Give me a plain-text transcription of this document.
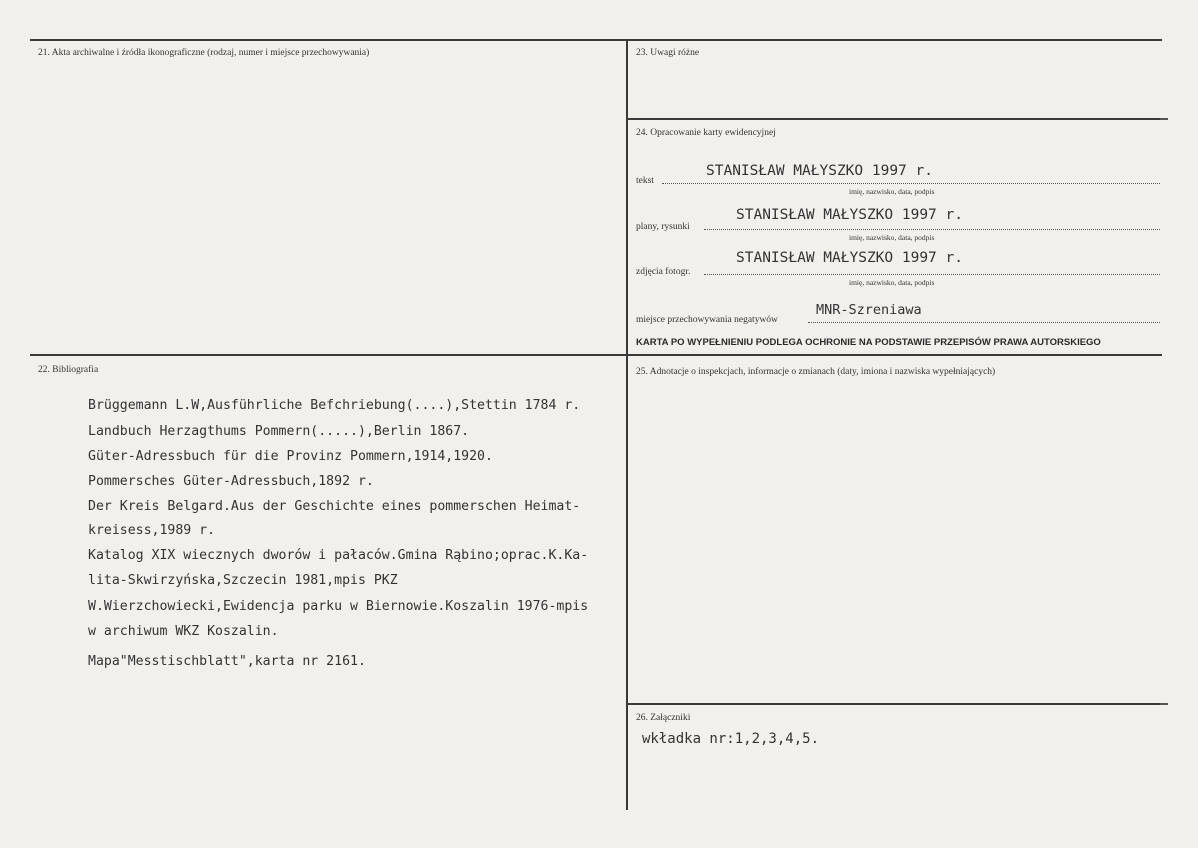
21. Akta archiwalne i źródła ikonograficzne (rodzaj, numer i miejsce przechowywania)	23. Uwagi różne
24. Opracowanie karty ewidencyjnej
tekst
STANISŁAW MAŁYSZKO 1997 r.
imię, nazwisko, data, podpis
plany, rysunki
STANISŁAW MAŁYSZKO 1997 r.
imię, nazwisko, data, podpis
zdjęcia fotogr.
STANISŁAW MAŁYSZKO 1997 r.
imię, nazwisko, data, podpis
miejsce przechowywania negatywów
MNR-Szreniawa
KARTA PO WYPEŁNIENIU PODLEGA OCHRONIE NA PODSTAWIE PRZEPISÓW PRAWA AUTORSKIEGO
22. Bibliografia
Brüggemann L.W,Ausführliche Befchriebung(....),Stettin 1784 r.
Landbuch Herzagthums Pommern(.....),Berlin 1867.
Güter-Adressbuch für die Provinz Pommern,1914,1920.
Pommersches Güter-Adressbuch,1892 r.
Der Kreis Belgard.Aus der Geschichte eines pommerschen Heimat-
kreisess,1989 r.
Katalog XIX wiecznych dworów i pałaców.Gmina Rąbino;oprac.K.Ka-
lita-Skwirzyńska,Szczecin 1981,mpis PKZ
W.Wierzchowiecki,Ewidencja parku w Biernowie.Koszalin 1976-mpis
w archiwum WKZ Koszalin.
Mapa"Messtischblatt",karta nr 2161.
25. Adnotacje o inspekcjach, informacje o zmianach (daty, imiona i nazwiska wypełniających)
26. Załączniki
wkładka nr:1,2,3,4,5.
